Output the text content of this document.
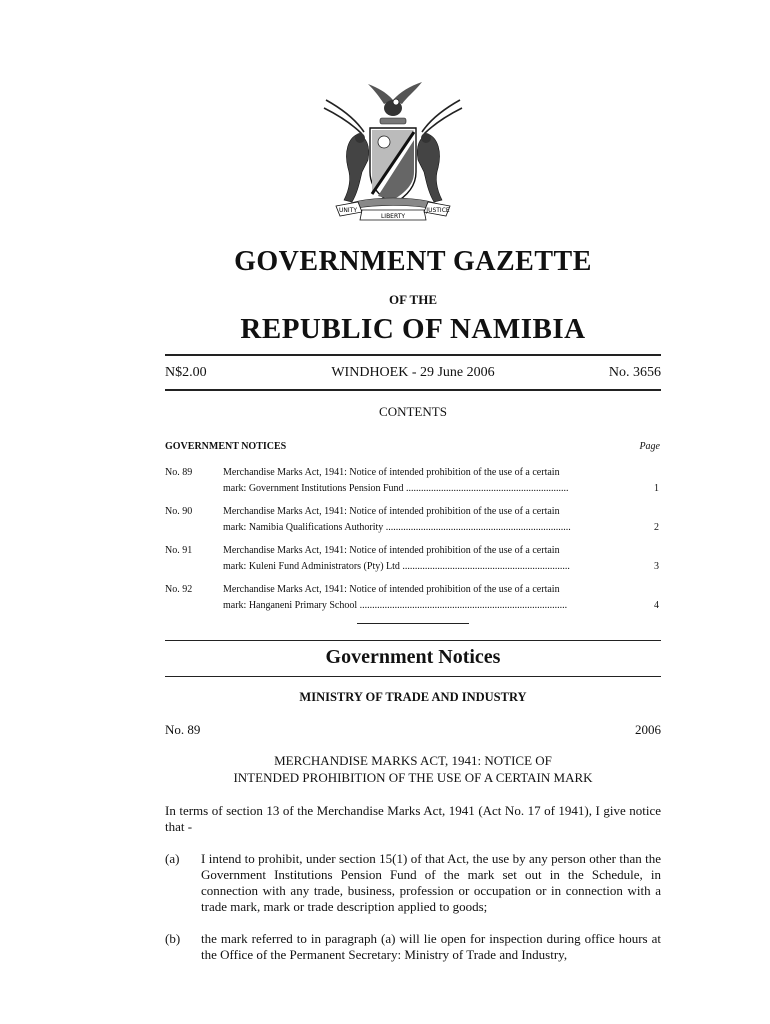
UNITY
LIBERTY
JUSTICE
GOVERNMENT GAZETTE
OF THE
REPUBLIC OF NAMIBIA
N$2.00	WINDHOEK - 29 June 2006	No. 3656
CONTENTS
GOVERNMENT NOTICES	Page
No. 89	Merchandise Marks Act, 1941: Notice of intended prohibition of the use of a certain
mark: Government Institutions Pension Fund .................................................................	1
No. 90	Merchandise Marks Act, 1941: Notice of intended prohibition of the use of a certain
mark: Namibia Qualifications Authority ..........................................................................	2
No. 91	Merchandise Marks Act, 1941: Notice of intended prohibition of the use of a certain
mark: Kuleni Fund Administrators (Pty) Ltd ...................................................................	3
No. 92	Merchandise Marks Act, 1941: Notice of intended prohibition of the use of a certain
mark: Hanganeni Primary School ...................................................................................	4
Government Notices
MINISTRY OF TRADE AND INDUSTRY
No. 89	2006
MERCHANDISE MARKS ACT, 1941: NOTICE OF
INTENDED PROHIBITION OF THE USE OF A CERTAIN MARK
In terms of section 13 of the Merchandise Marks Act, 1941 (Act No. 17 of 1941), I give notice that -
(a) I intend to prohibit, under section 15(1) of that Act, the use by any person other than the Government Institutions Pension Fund of the mark set out in the Schedule, in connection with any trade, business, profession or occupation or in connection with a trade mark, mark or trade description applied to goods;
(b) the mark referred to in paragraph (a) will lie open for inspection during office hours at the Office of the Permanent Secretary: Ministry of Trade and Industry,
